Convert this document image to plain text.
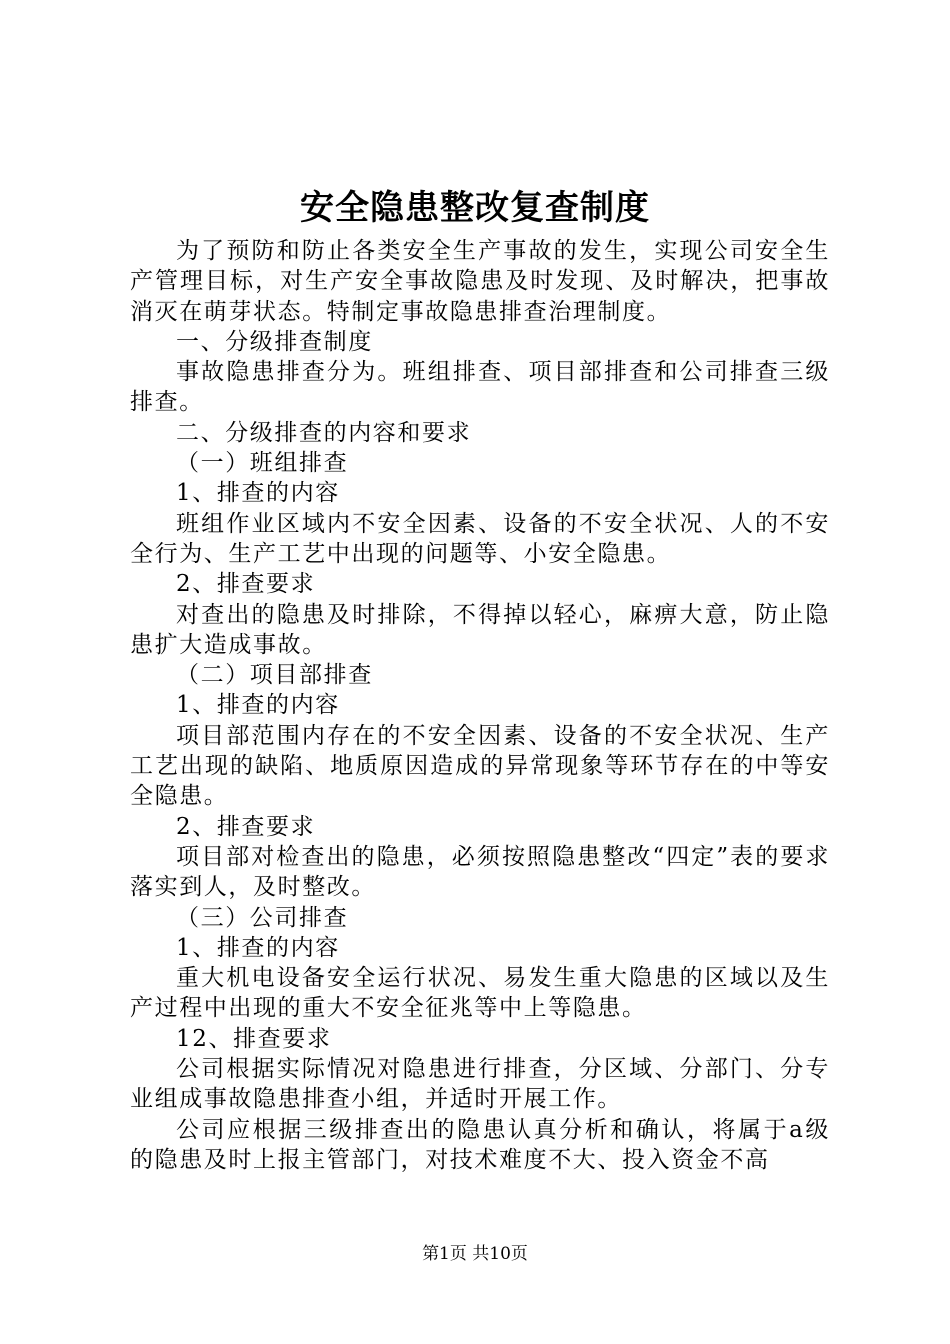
安全隐患整改复查制度

为了预防和防止各类安全生产事故的发生，实现公司安全生产管理目标，对生产安全事故隐患及时发现、及时解决，把事故消灭在萌芽状态。特制定事故隐患排查治理制度。

一、分级排查制度

事故隐患排查分为。班组排查、项目部排查和公司排查三级排查。

二、分级排查的内容和要求

（一）班组排查

1、排查的内容

班组作业区域内不安全因素、设备的不安全状况、人的不安全行为、生产工艺中出现的问题等、小安全隐患。

2、排查要求

对查出的隐患及时排除，不得掉以轻心，麻痹大意，防止隐患扩大造成事故。

（二）项目部排查

1、排查的内容

项目部范围内存在的不安全因素、设备的不安全状况、生产工艺出现的缺陷、地质原因造成的异常现象等环节存在的中等安全隐患。

2、排查要求

项目部对检查出的隐患，必须按照隐患整改“四定”表的要求落实到人，及时整改。

（三）公司排查

1、排查的内容

重大机电设备安全运行状况、易发生重大隐患的区域以及生产过程中出现的重大不安全征兆等中上等隐患。

12、排查要求

公司根据实际情况对隐患进行排查，分区域、分部门、分专业组成事故隐患排查小组，并适时开展工作。

公司应根据三级排查出的隐患认真分析和确认，将属于a级的隐患及时上报主管部门，对技术难度不大、投入资金不高

第1页 共10页
